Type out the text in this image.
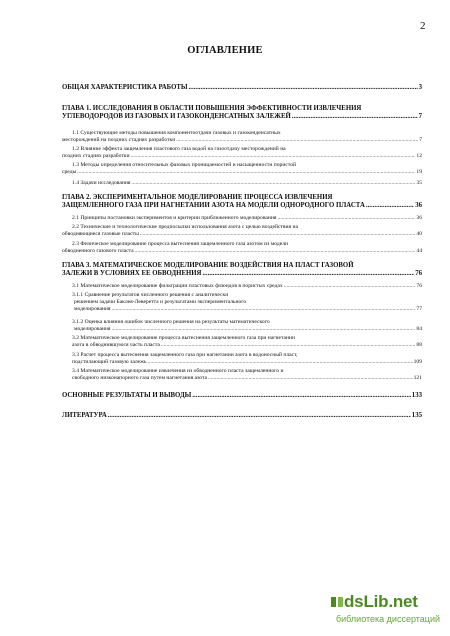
2
ОГЛАВЛЕНИЕ
ОБЩАЯ ХАРАКТЕРИСТИКА РАБОТЫ .....	3
ГЛАВА 1. ИССЛЕДОВАНИЯ В ОБЛАСТИ ПОВЫШЕНИЯ ЭФФЕКТИВНОСТИ ИЗВЛЕЧЕНИЯ
УГЛЕВОДОРОДОВ ИЗ ГАЗОВЫХ И ГАЗОКОНДЕНСАТНЫХ ЗАЛЕЖЕЙ .....	7
1.1 Существующие методы повышения компонентоотдачи газовых и газоконденсатных
месторождений на поздних стадиях разработки .....	7
1.2 Влияние эффекта защемления пластового газа водой на газоотдачу месторождений на
поздних стадиях разработки .....	12
1.3 Методы определения относительных фазовых проницаемостей и насыщенности пористой
среды .....	19
1.4 Задачи исследования .....	35
ГЛАВА 2. ЭКСПЕРИМЕНТАЛЬНОЕ МОДЕЛИРОВАНИЕ ПРОЦЕССА ИЗВЛЕЧЕНИЯ
ЗАЩЕМЛЕННОГО ГАЗА ПРИ НАГНЕТАНИИ АЗОТА НА МОДЕЛИ ОДНОРОДНОГО ПЛАСТА .....	36
2.1 Принципы постановки экспериментов и критерии приближенного моделирования .....	36
2.2 Технические и технологические предпосылки использования азота с целью воздействия на
обводняющиеся газовые пласты .....	40
2.3 Физическое моделирование процесса вытеснения защемленного газа азотом из модели
обводненного газового пласта .....	44
ГЛАВА 3. МАТЕМАТИЧЕСКОЕ МОДЕЛИРОВАНИЕ ВОЗДЕЙСТВИЯ НА ПЛАСТ ГАЗОВОЙ
ЗАЛЕЖИ В УСЛОВИЯХ ЕЕ ОБВОДНЕНИЯ .....	76
3.1 Математическое моделирование фильтрации пластовых флюидов в пористых средах .....	76
3.1.1 Сравнение результатов численного решения с аналитически
решением задачи Баклея-Леверетта и результатами экспериментального
моделирования .....	77
3.1.2 Оценка влияния ошибок численного решения на результаты математического
моделирования .....	84
3.2 Математическое моделирование процесса вытеснения защемленного газа при нагнетании
азота в обводнившуюся часть пласта .....	88
3.3 Расчет процесса вытеснения защемленного газа при нагнетании азота в водоносный пласт,
подстилающий газовую залежь .....	109
3.4 Математическое моделирование извлечения из обводненного пласта защемленного и
свободного низконапорного газа путем нагнетания азота .....	121
ОСНОВНЫЕ РЕЗУЛЬТАТЫ И ВЫВОДЫ .....	133
ЛИТЕРАТУРА .....	135
dsLib.net
библиотека диссертаций
